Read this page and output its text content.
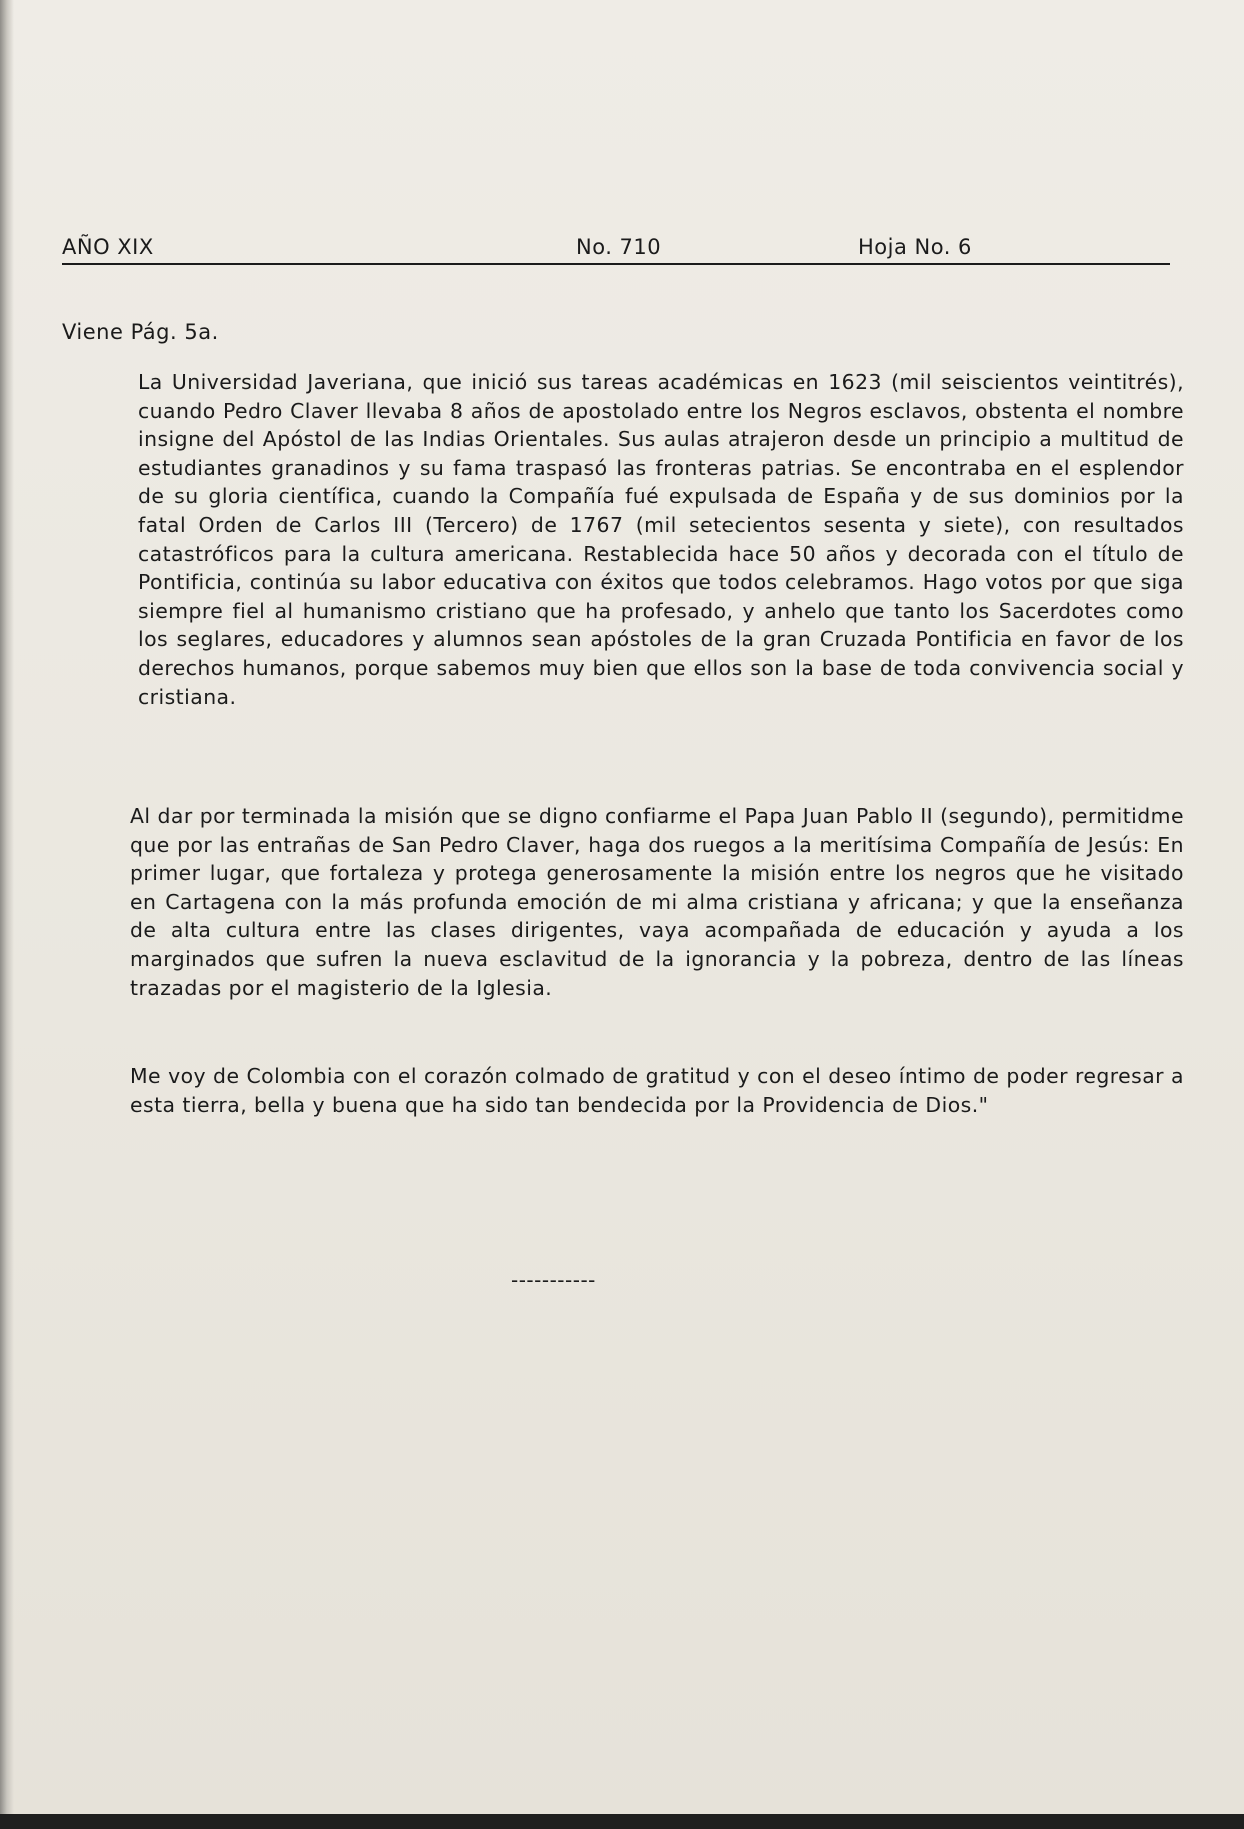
AÑO XIX	No. 710	Hoja No. 6
Viene Pág. 5a.

La Universidad Javeriana, que inició sus tareas académicas en 1623 (mil seiscientos veintitrés), cuando Pedro Claver llevaba 8 años de apostolado entre los Negros esclavos, obstenta el nombre insigne del Apóstol de las Indias Orientales. Sus aulas atrajeron desde un principio a multitud de estudiantes granadinos y su fama traspasó las fronteras patrias. Se encontraba en el esplendor de su gloria científica, cuando la Compañía fué expulsada de España y de sus dominios por la fatal Orden de Carlos III (Tercero) de 1767 (mil setecientos sesenta y siete), con resultados catastróficos para la cultura americana. Restablecida hace 50 años y decorada con el título de Pontificia, continúa su labor educativa con éxitos que todos celebramos. Hago votos por que siga siempre fiel al humanismo cristiano que ha profesado, y anhelo que tanto los Sacerdotes como los seglares, educadores y alumnos sean apóstoles de la gran Cruzada Pontificia en favor de los derechos humanos, porque sabemos muy bien que ellos son la base de toda convivencia social y cristiana.

Al dar por terminada la misión que se digno confiarme el Papa Juan Pablo II (segundo), permitidme que por las entrañas de San Pedro Claver, haga dos ruegos a la meritísima Compañía de Jesús: En primer lugar, que fortaleza y protega generosamente la misión entre los negros que he visitado en Cartagena con la más profunda emoción de mi alma cristiana y africana; y que la enseñanza de alta cultura entre las clases dirigentes, vaya acompañada de educación y ayuda a los marginados que sufren la nueva esclavitud de la ignorancia y la pobreza, dentro de las líneas trazadas por el magisterio de la Iglesia.

Me voy de Colombia con el corazón colmado de gratitud y con el deseo íntimo de poder regresar a esta tierra, bella y buena que ha sido tan bendecida por la Providencia de Dios."

-----------
